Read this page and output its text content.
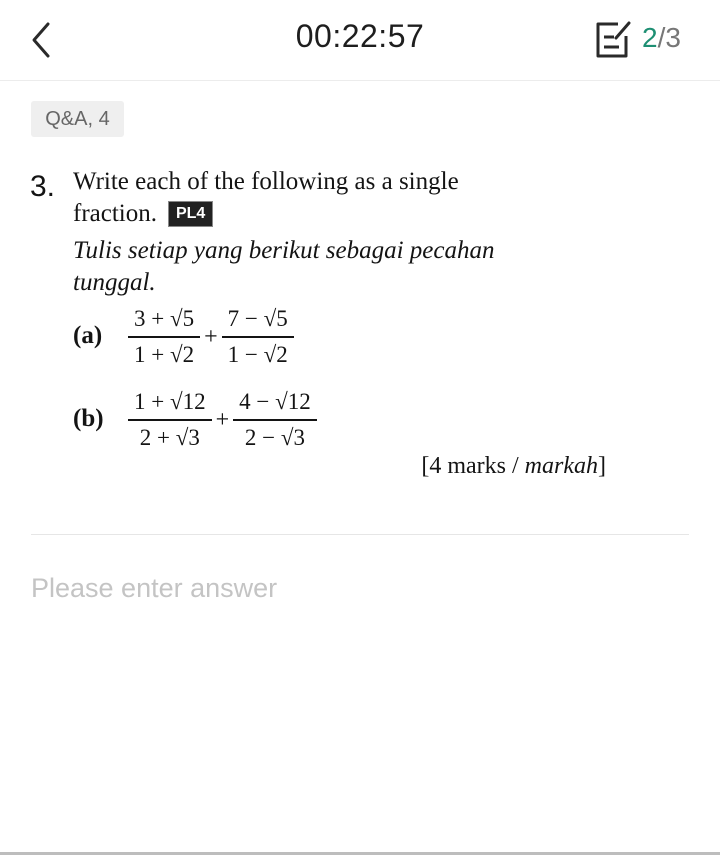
00:22:57	2/3
Q&A, 4
3. Write each of the following as a single
fraction. PL4
Tulis setiap yang berikut sebagai pecahan
tunggal.
$(a) \frac{3 + √5}{1 + √2} + \frac{7 - √5}{1 - √2}$
$(b) \frac{1 + √12}{2 + √3} + \frac{4 - √12}{2 - √3}$
[4 marks / markah]
Please enter answer
